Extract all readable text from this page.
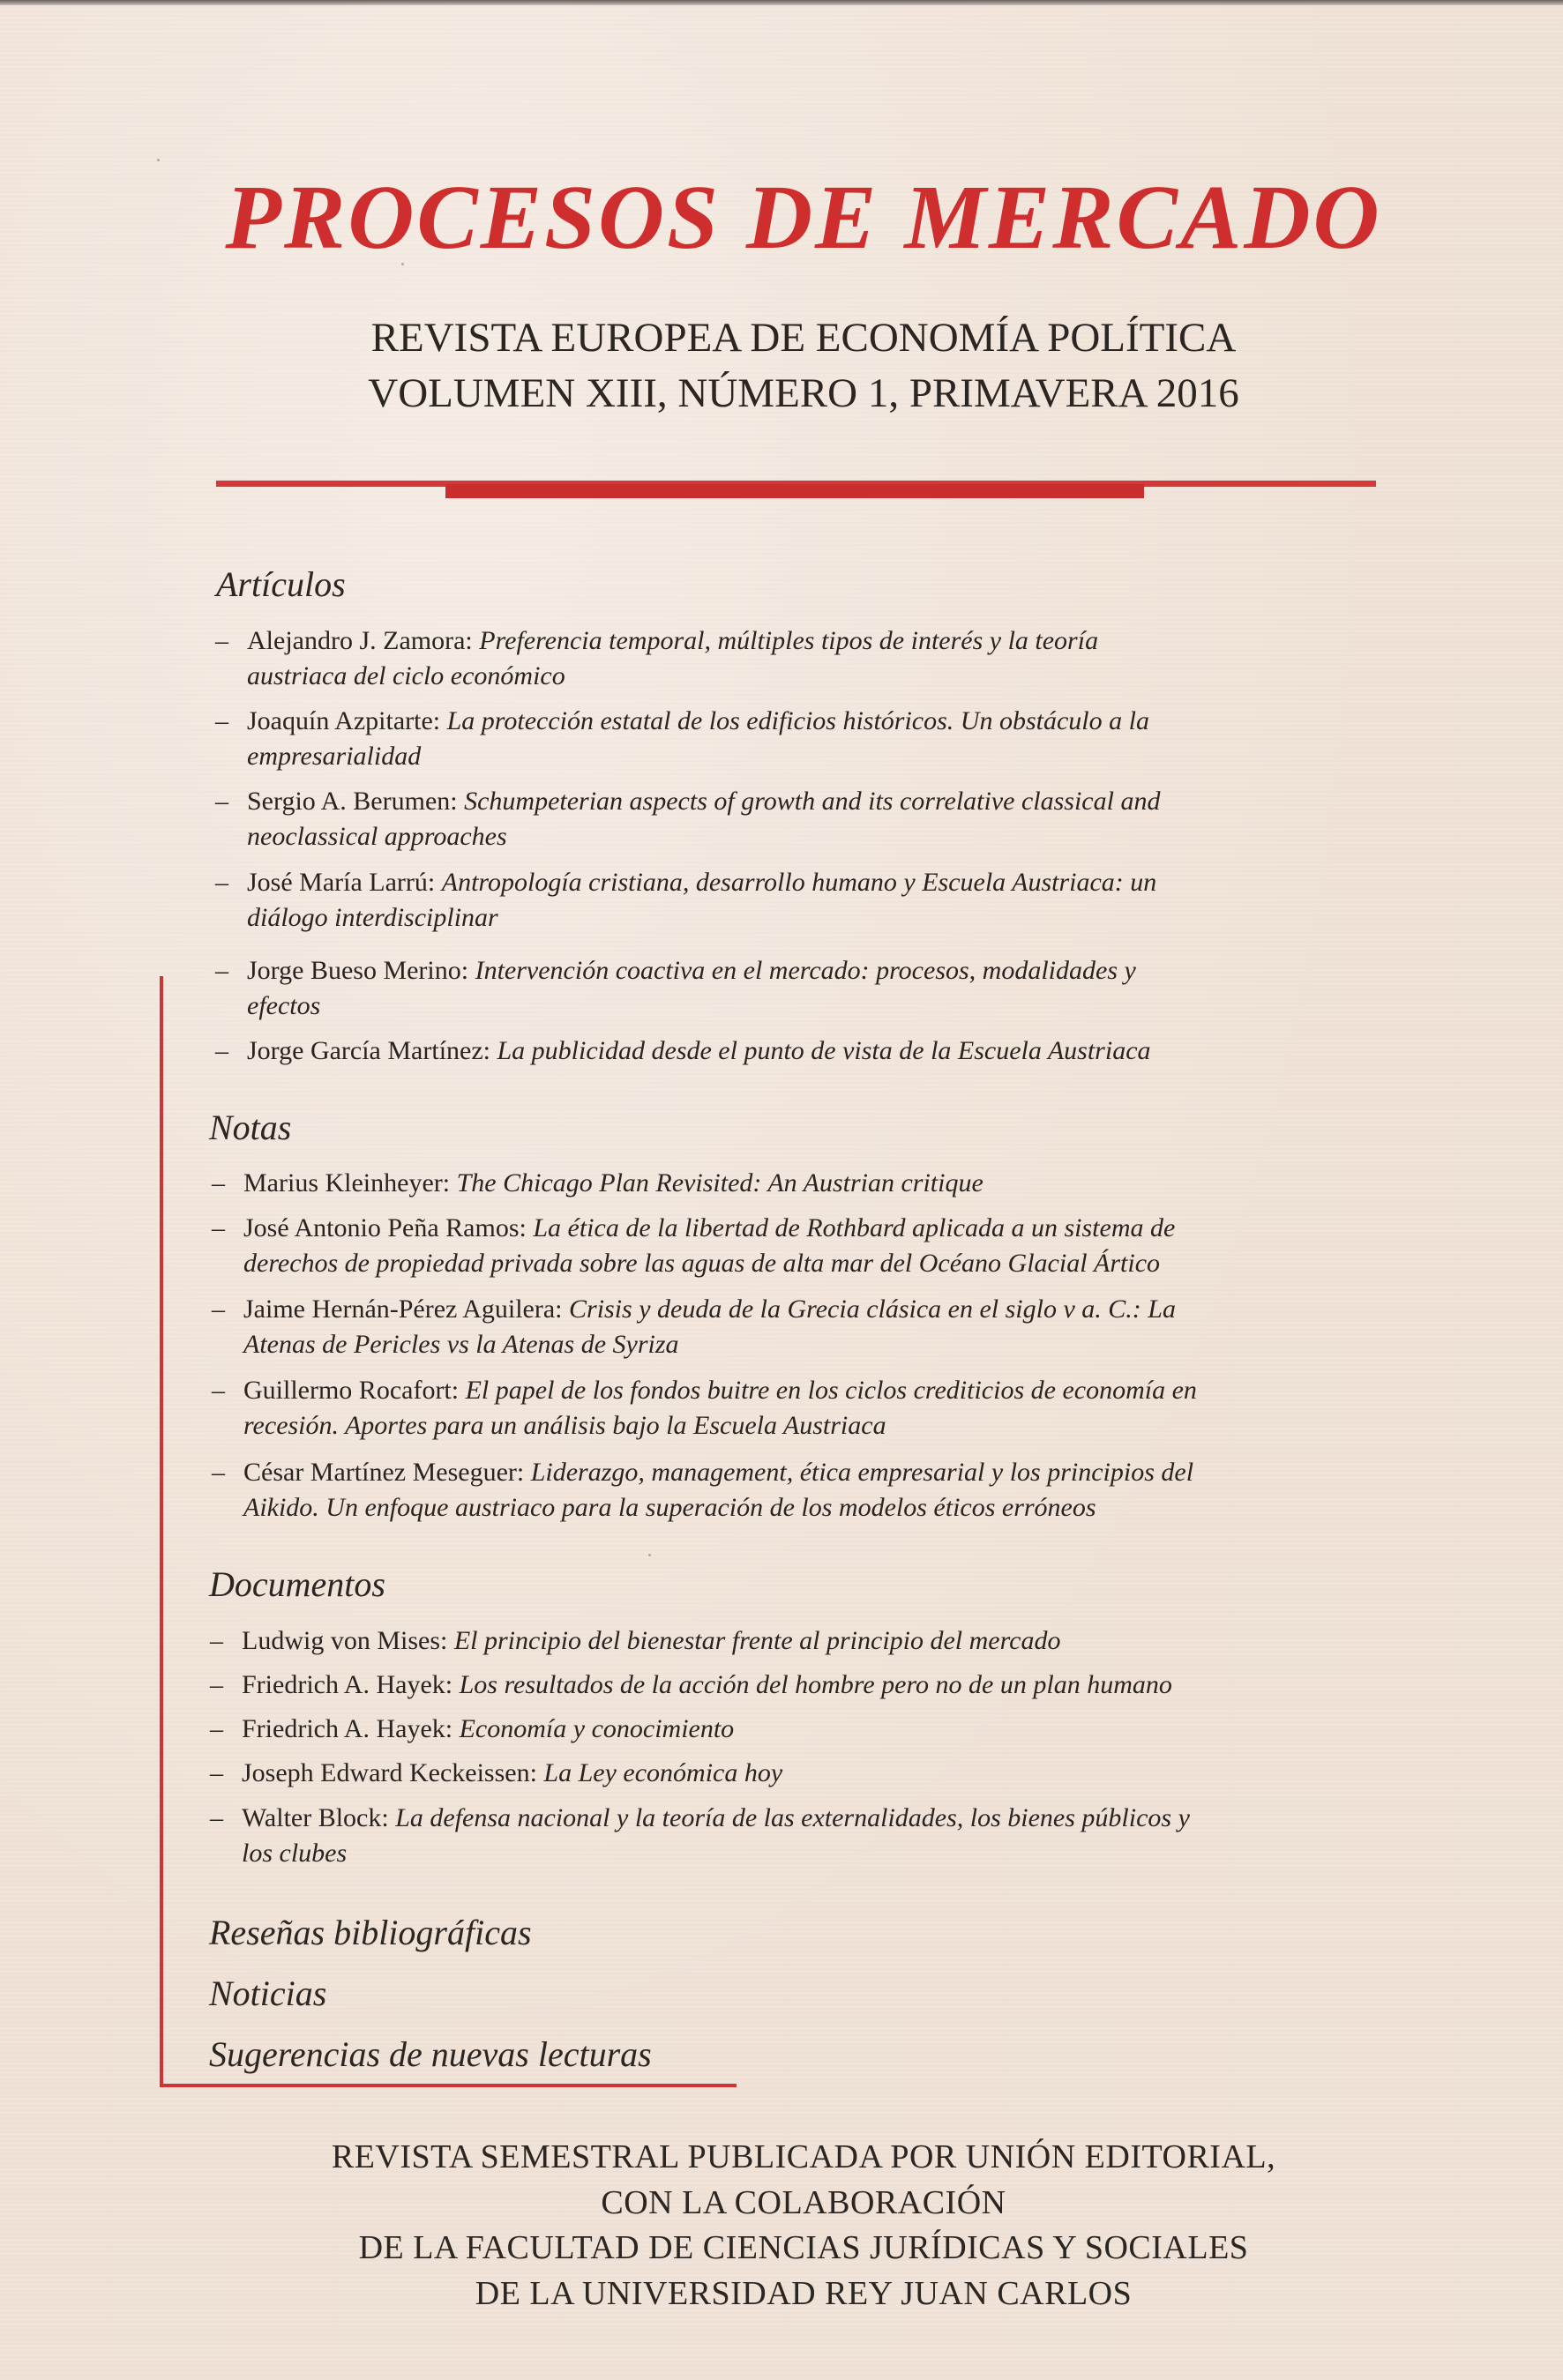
PROCESOS DE MERCADO
REVISTA EUROPEA DE ECONOMÍA POLÍTICA
VOLUMEN XIII, NÚMERO 1, PRIMAVERA 2016
Artículos
– Alejandro J. Zamora: Preferencia temporal, múltiples tipos de interés y la teoría
austriaca del ciclo económico
– Joaquín Azpitarte: La protección estatal de los edificios históricos. Un obstáculo a la
empresarialidad
– Sergio A. Berumen: Schumpeterian aspects of growth and its correlative classical and
neoclassical approaches
– José María Larrú: Antropología cristiana, desarrollo humano y Escuela Austriaca: un
diálogo interdisciplinar
– Jorge Bueso Merino: Intervención coactiva en el mercado: procesos, modalidades y
efectos
– Jorge García Martínez: La publicidad desde el punto de vista de la Escuela Austriaca
Notas
– Marius Kleinheyer: The Chicago Plan Revisited: An Austrian critique
– José Antonio Peña Ramos: La ética de la libertad de Rothbard aplicada a un sistema de
derechos de propiedad privada sobre las aguas de alta mar del Océano Glacial Ártico
– Jaime Hernán-Pérez Aguilera: Crisis y deuda de la Grecia clásica en el siglo v a. C.: La
Atenas de Pericles vs la Atenas de Syriza
– Guillermo Rocafort: El papel de los fondos buitre en los ciclos crediticios de economía en
recesión. Aportes para un análisis bajo la Escuela Austriaca
– César Martínez Meseguer: Liderazgo, management, ética empresarial y los principios del
Aikido. Un enfoque austriaco para la superación de los modelos éticos erróneos
Documentos
– Ludwig von Mises: El principio del bienestar frente al principio del mercado
– Friedrich A. Hayek: Los resultados de la acción del hombre pero no de un plan humano
– Friedrich A. Hayek: Economía y conocimiento
– Joseph Edward Keckeissen: La Ley económica hoy
– Walter Block: La defensa nacional y la teoría de las externalidades, los bienes públicos y
los clubes
Reseñas bibliográficas
Noticias
Sugerencias de nuevas lecturas
REVISTA SEMESTRAL PUBLICADA POR UNIÓN EDITORIAL,
CON LA COLABORACIÓN
DE LA FACULTAD DE CIENCIAS JURÍDICAS Y SOCIALES
DE LA UNIVERSIDAD REY JUAN CARLOS
